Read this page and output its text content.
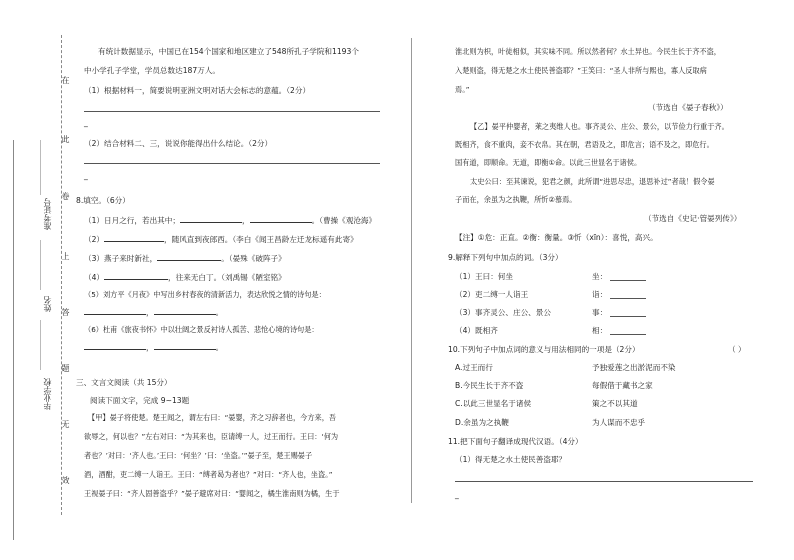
在
此
卷
上
答
题
无
效
准考证号
姓名
毕业学校
有统计数据显示，中国已在154个国家和地区建立了548所孔子学院和1193个
中小学孔子学堂，学员总数达187万人。
（1）根据材料一，简要说明亚洲文明对话大会标志的意蕴。（2分）
_
（2）结合材料二、三，说说你能得出什么结论。（2分）
_
8.填空。（6分）
（1）日月之行，若出其中；	，	。（曹操《观沧海》
（2）	，随风直到夜郎西。（李白《闻王昌龄左迁龙标遥有此寄》
（3）燕子来时新社，	。（晏殊《破阵子》
（4）	，往来无白丁。（刘禹锡《陋室铭》
（5）刘方平《月夜》中写出乡村春夜的清新活力，表达欣悦之情的诗句是：
，	。
（6）杜甫《旅夜书怀》中以壮阔之景反衬诗人孤苦、悲怆心境的诗句是：
，	。
三、文言文阅读（共 15分）
阅读下面文字，完成 9~13题
【甲】晏子将使楚。楚王闻之，谓左右曰：“晏婴，齐之习辞者也，今方来，吾
欲辱之，何以也？”左右对曰：“为其来也，臣请缚一人，过王而行。王曰：‘何为
者也？’对曰：‘齐人也。’王曰：‘何坐？’曰：‘坐盗。’”晏子至，楚王赐晏子
酒，酒酣，吏二缚一人诣王。王曰：“缚者曷为者也？”对曰：“齐人也，坐盗。”
王视晏子曰：“齐人固善盗乎？”晏子避席对曰：“婴闻之，橘生淮南则为橘，生于
淮北则为枳，叶徒相似，其实味不同。所以然者何？水土异也。今民生长于齐不盗，
入楚则盗，得无楚之水土使民善盗耶？”王笑曰：“圣人非所与熙也，寡人反取病
焉。”
（节选自《晏子春秋》）
【乙】晏平仲婴者，莱之夷维人也。事齐灵公、庄公、景公，以节俭力行重于齐。
既相齐，食不重肉，妾不衣帛。其在朝，君语及之，即危言；语不及之，即危行。
国有道，即顺命。无道，即衡①命。以此三世显名于诸侯。
太史公曰：至其谏说，犯君之颜，此所谓“进思尽忠，退思补过”者哉！假令晏
子而在，余虽为之执鞭，所忻②慕焉。
（节选自《史记·管晏列传》）
【注】①危：正直。②衡：衡量。③忻（xīn）：喜悦，高兴。
9.解释下列句中加点的词。（3分）
（1）王曰：何坐	坐：
（2）吏二缚一人诣王	诣：
（3）事齐灵公、庄公、景公	事：
（4）既相齐	相：
10.下列句子中加点词的意义与用法相同的一项是（2分）	（ ）
A.过王而行	予独爱莲之出淤泥而不染
B.今民生长于齐不盗	每假借于藏书之家
C.以此三世显名于诸侯	策之不以其道
D.余虽为之执鞭	为人谋而不忠乎
11.把下面句子翻译成现代汉语。（4分）
（1）得无楚之水土使民善盗耶？
_
